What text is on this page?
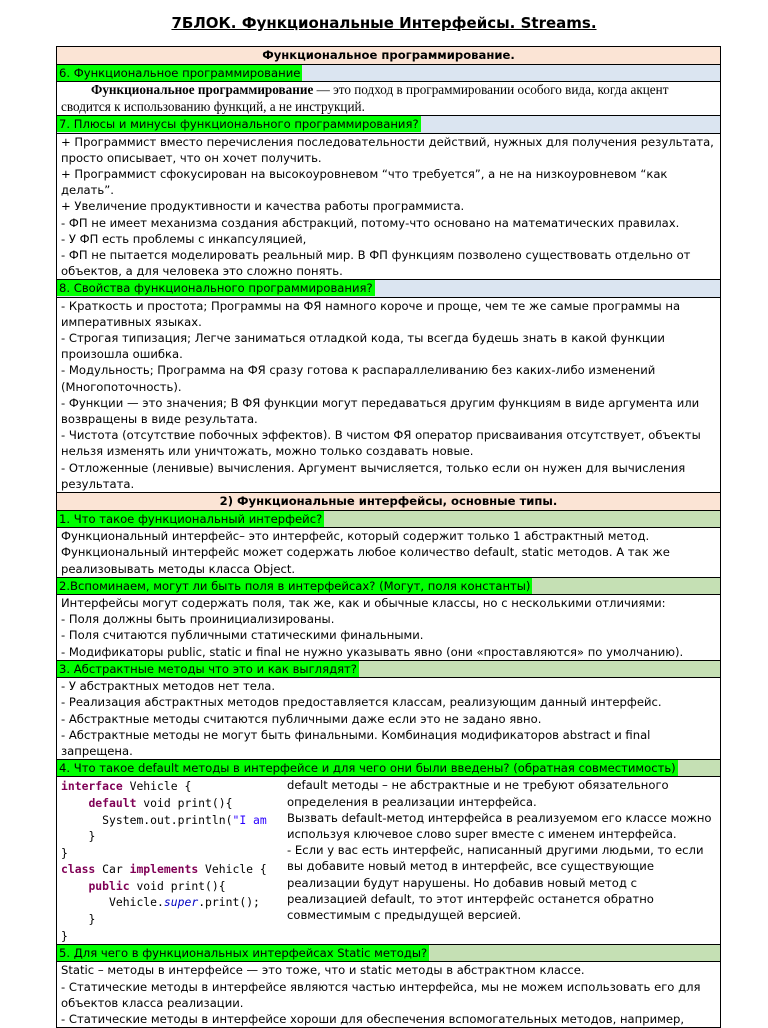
7БЛОК. Функциональные Интерфейсы. Streams.
Функциональное программирование.
6. Функциональное программирование
Функциональное программирование — это подход в программировании особого вида, когда акцент сводится к использованию функций, а не инструкций.
7. Плюсы и минусы функционального программирования?

+ Программист вместо перечисления последовательности действий, нужных для получения результата, просто описывает, что он хочет получить.
+ Программист сфокусирован на высокоуровневом “что требуется”, а не на низкоуровневом “как делать”.
+ Увеличение продуктивности и качества работы программиста.
- ФП не имеет механизма создания абстракций, потому-что основано на математических правилах.
- У ФП есть проблемы с инкапсуляцией,
- ФП не пытается моделировать реальный мир. В ФП функциям позволено существовать отдельно от объектов, а для человека это сложно понять.

8. Свойства функционального программирования?

- Краткость и простота; Программы на ФЯ намного короче и проще, чем те же самые программы на императивных языках.
- Строгая типизация; Легче заниматься отладкой кода, ты всегда будешь знать в какой функции произошла ошибка.
- Модульность; Программа на ФЯ сразу готова к распараллеливанию без каких-либо изменений (Многопоточность).
- Функции — это значения; В ФЯ функции могут передаваться другим функциям в виде аргумента или возвращены в виде результата.
- Чистота (отсутствие побочных эффектов). В чистом ФЯ оператор присваивания отсутствует, объекты нельзя изменять или уничтожать, можно только создавать новые.
- Отложенные (ленивые) вычисления. Аргумент вычисляется, только если он нужен для вычисления результата.

2) Функциональные интерфейсы, основные типы.
1. Что такое функциональный интерфейс?

Функциональный интерфейс– это интерфейс, который содержит только 1 абстрактный метод. Функциональный интерфейс может содержать любое количество default, static методов. А так же реализовывать методы класса Object.

2.Вспоминаем, могут ли быть поля в интерфейсах? (Могут, поля константы)

Интерфейсы могут содержать поля, так же, как и обычные классы, но с несколькими отличиями:
- Поля должны быть проинициализированы.
- Поля считаются публичными статическими финальными.
- Модификаторы public, static и final не нужно указывать явно (они «проставляются» по умолчанию).

3. Абстрактные методы что это и как выглядят?

- У абстрактных методов нет тела.
- Реализация абстрактных методов предоставляется классам, реализующим данный интерфейс.
- Абстрактные методы считаются публичными даже если это не задано явно.
- Абстрактные методы не могут быть финальными. Комбинация модификаторов abstract и final запрещена.

4. Что такое default методы в интерфейсе и для чего они были введены? (обратная совместимость)

interface Vehicle {
default void print(){
System.out.println("I am
}
}
class Car implements Vehicle {
public void print(){
Vehicle.super.print();
}
}
default методы – не абстрактные и не требуют обязательного определения в реализации интерфейса.
Вызвать default-метод интерфейса в реализуемом его классе можно используя ключевое слово super вместе с именем интерфейса.
- Если у вас есть интерфейс, написанный другими людьми, то если вы добавите новый метод в интерфейс, все существующие реализации будут нарушены. Но добавив новый метод с реализацией default, то этот интерфейс останется обратно совместимым с предыдущей версией.

5. Для чего в функциональных интерфейсах Static методы?

Static – методы в интерфейсе — это тоже, что и static методы в абстрактном классе.
- Статические методы в интерфейсе являются частью интерфейса, мы не можем использовать его для объектов класса реализации.
- Статические методы в интерфейсе хороши для обеспечения вспомогательных методов, например,
